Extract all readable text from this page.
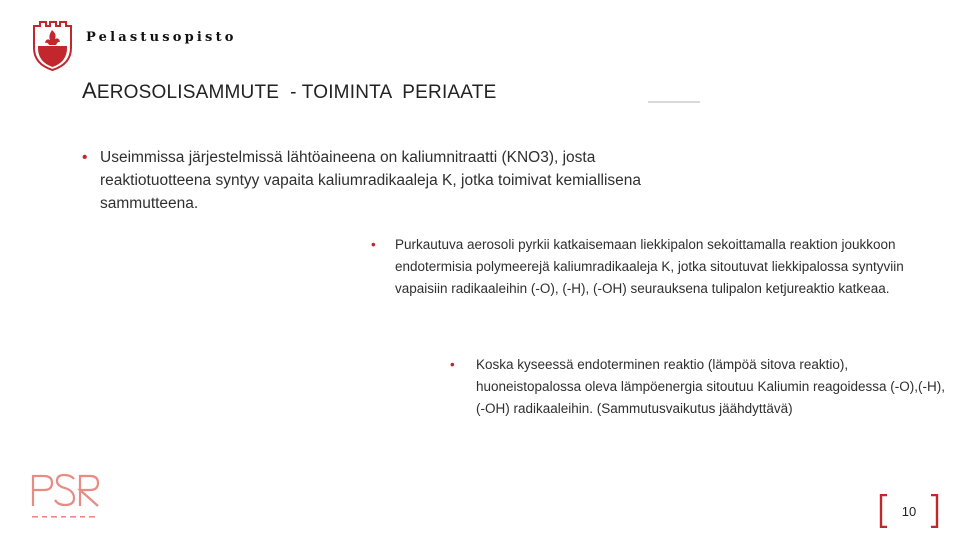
Pelastusopisto
AEROSOLISAMMUTE  - TOIMINTA  PERIAATE
• Useimmissa järjestelmissä lähtöaineena on kaliumnitraatti (KNO3), josta reaktiotuotteena syntyy vapaita kaliumradikaaleja K, jotka toimivat kemiallisena sammutteena.
• Purkautuva aerosoli pyrkii katkaisemaan liekkipalon sekoittamalla reaktion joukkoon endotermisia polymeerejä kaliumradikaaleja K, jotka sitoutuvat liekkipalossa syntyviin vapaisiin radikaaleihin (-O), (-H), (-OH) seurauksena tulipalon ketjureaktio katkeaa.
• Koska kyseessä endoterminen reaktio (lämpöä sitova reaktio), huoneistopalossa oleva lämpöenergia sitoutuu Kaliumin reagoidessa (-O),(-H),(-OH) radikaaleihin. (Sammutusvaikutus jäähdyttävä)
10
